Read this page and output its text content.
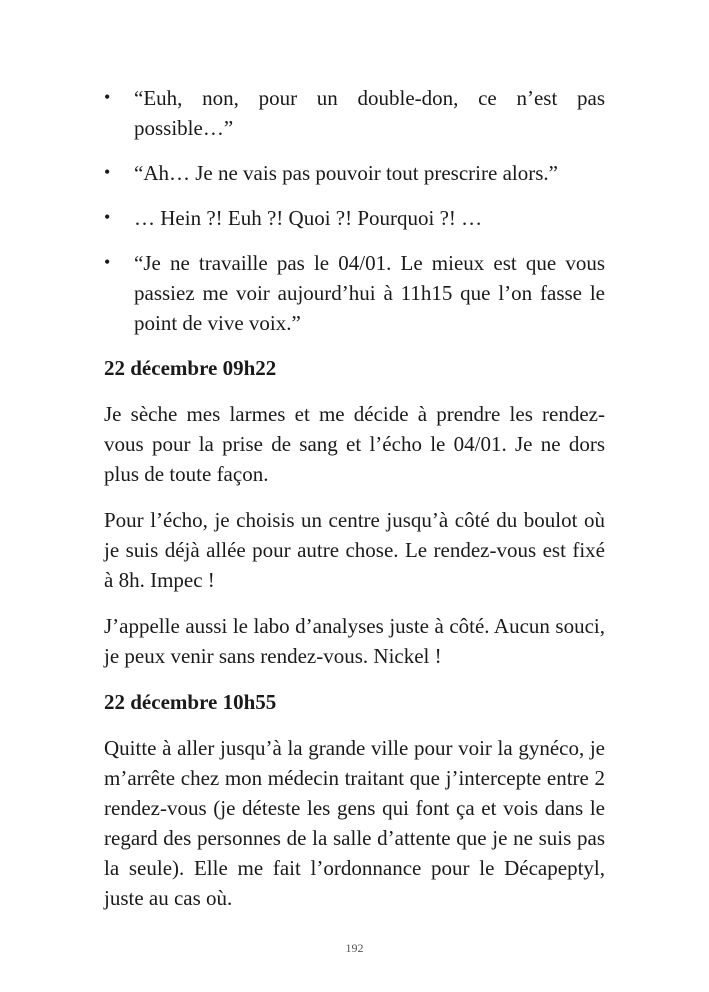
• “Euh, non, pour un double-don, ce n’est pas possible…”
• “Ah… Je ne vais pas pouvoir tout prescrire alors.”
• … Hein ?! Euh ?! Quoi ?! Pourquoi ?! …
• “Je ne travaille pas le 04/01. Le mieux est que vous passiez me voir aujourd’hui à 11h15 que l’on fasse le point de vive voix.”
22 décembre 09h22

Je sèche mes larmes et me décide à prendre les rendez-vous pour la prise de sang et l’écho le 04/01. Je ne dors plus de toute façon.

Pour l’écho, je choisis un centre jusqu’à côté du boulot où je suis déjà allée pour autre chose. Le rendez-vous est fixé à 8h. Impec !

J’appelle aussi le labo d’analyses juste à côté. Aucun souci, je peux venir sans rendez-vous. Nickel !

22 décembre 10h55

Quitte à aller jusqu’à la grande ville pour voir la gynéco, je m’arrête chez mon médecin traitant que j’intercepte entre 2 rendez-vous (je déteste les gens qui font ça et vois dans le regard des personnes de la salle d’attente que je ne suis pas la seule). Elle me fait l’ordonnance pour le Décapeptyl, juste au cas où.

192
